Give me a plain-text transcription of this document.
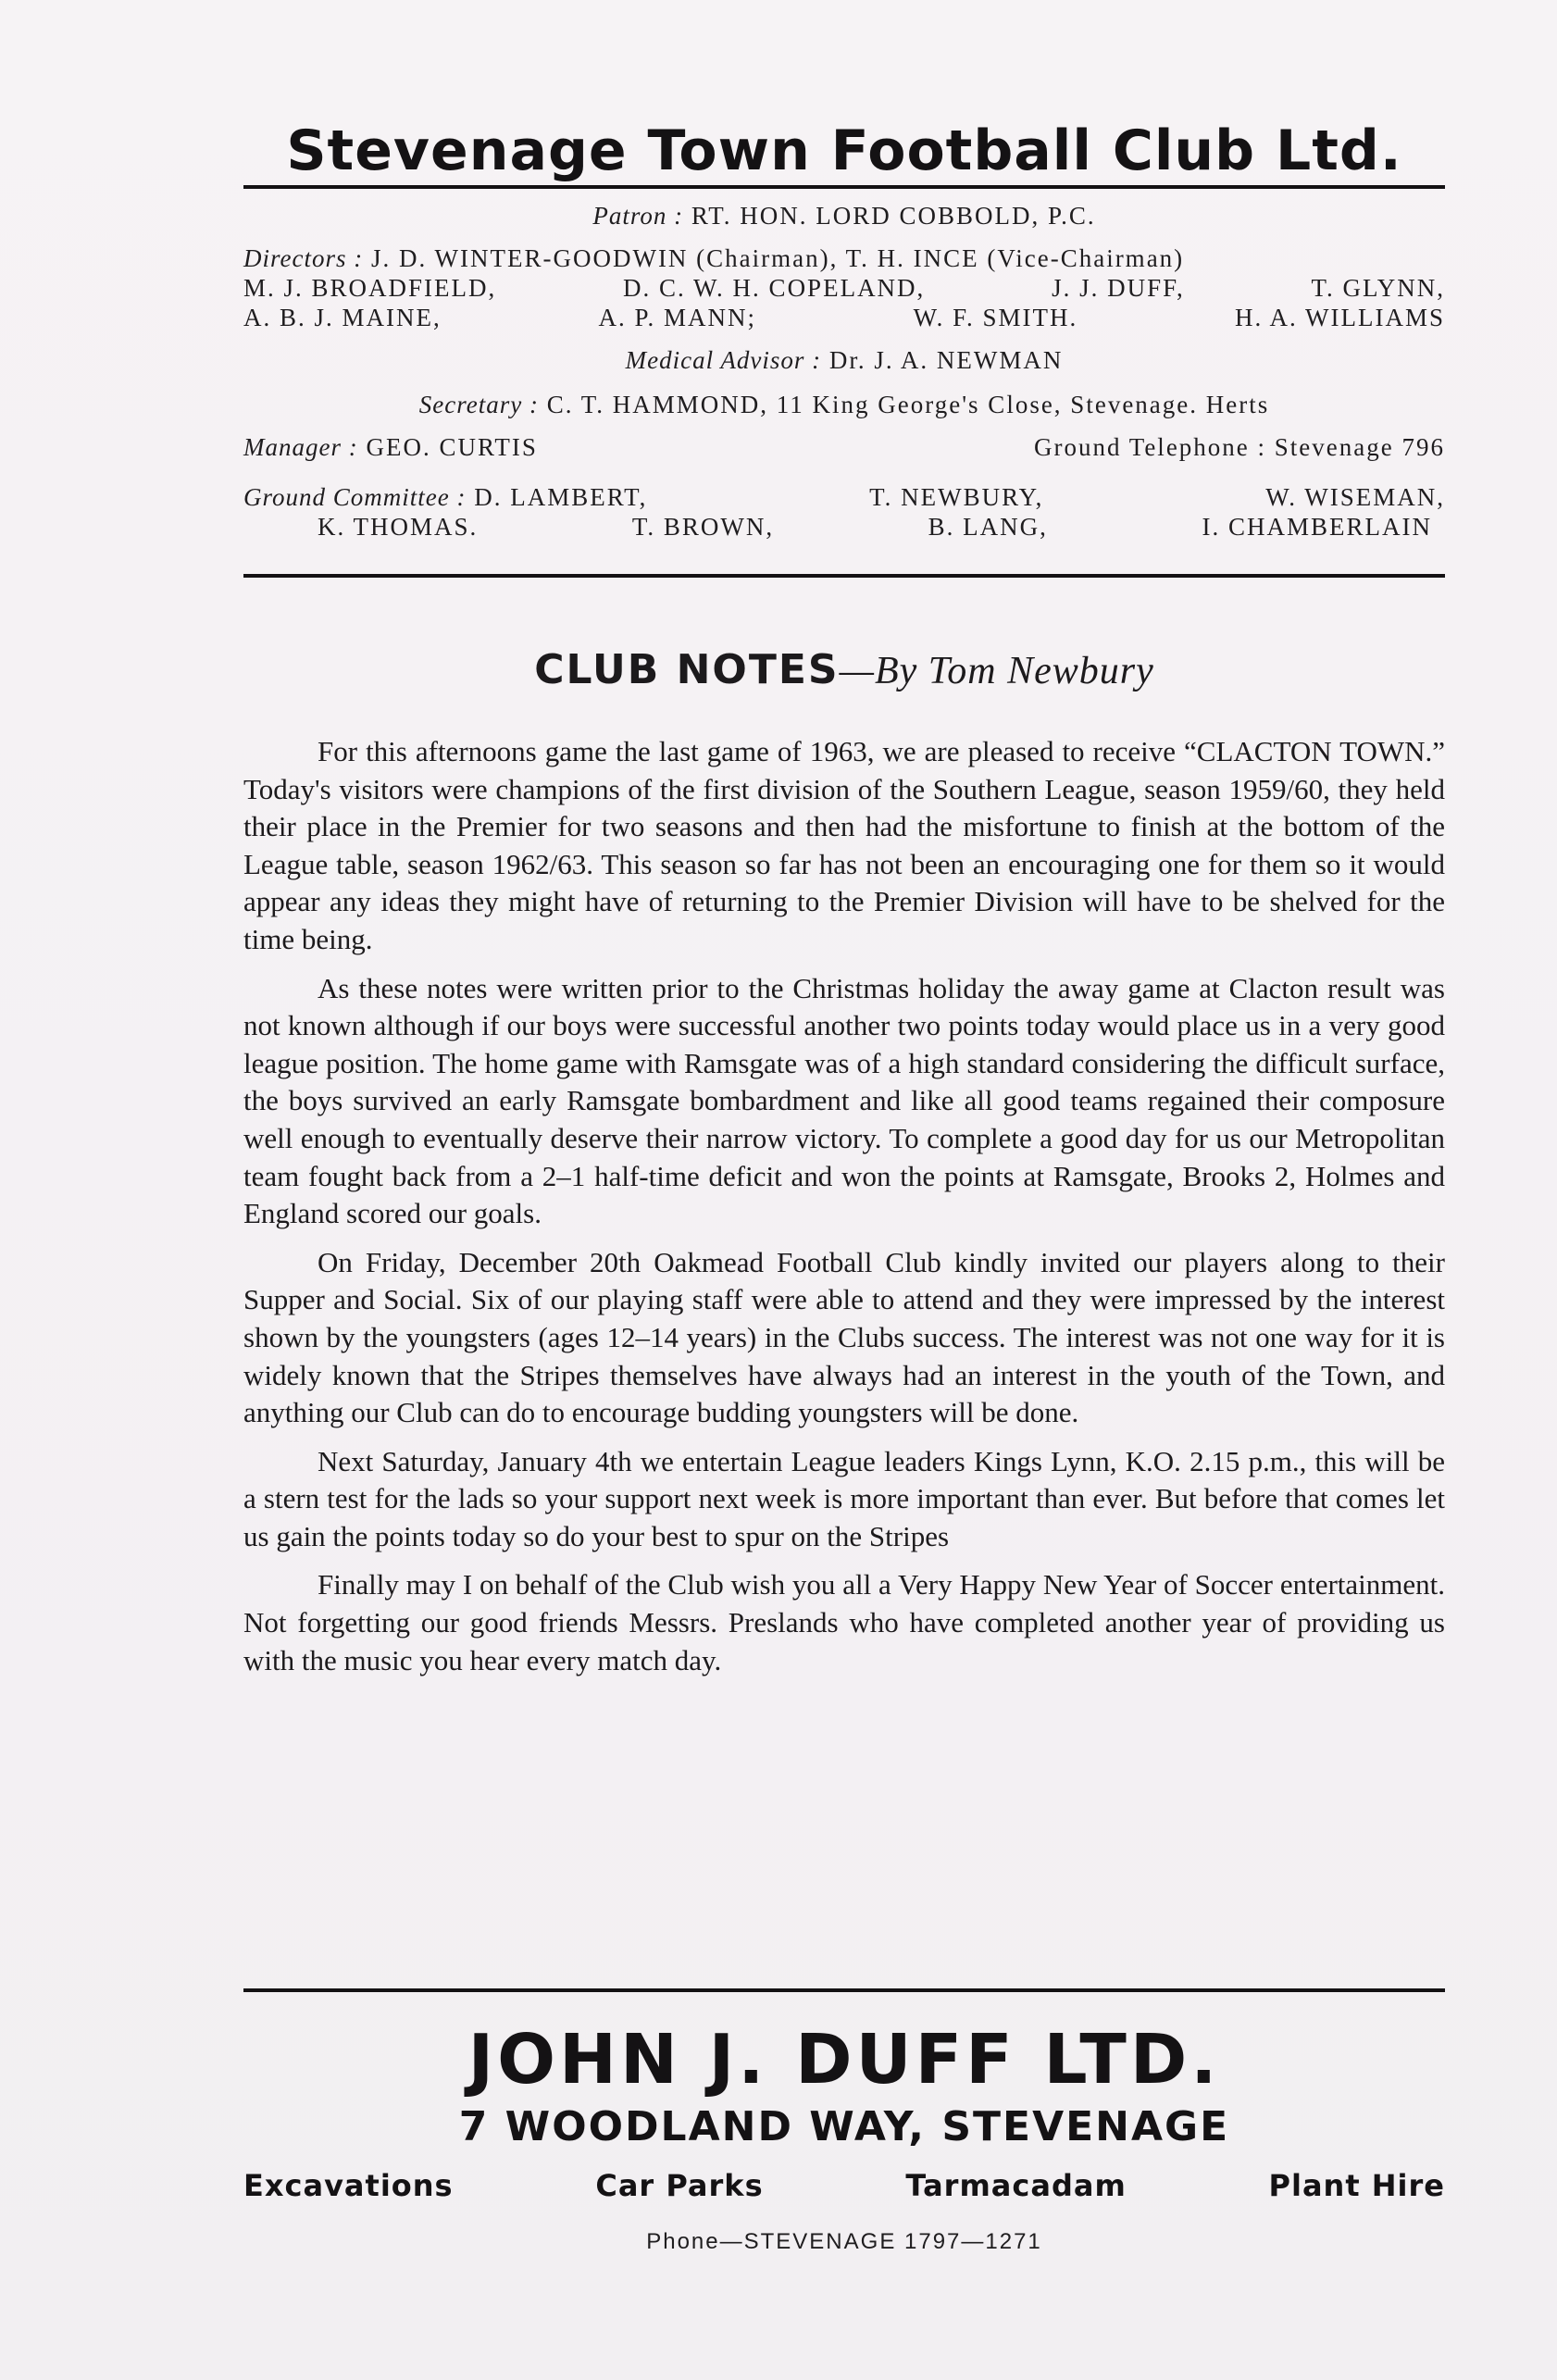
Stevenage Town Football Club Ltd.
Patron : RT. HON. LORD COBBOLD, P.C.
Directors : J. D. WINTER-GOODWIN (Chairman), T. H. INCE (Vice-Chairman)
M. J. BROADFIELD,	D. C. W. H. COPELAND,	J. J. DUFF,	T. GLYNN,
A. B. J. MAINE,	A. P. MANN;	W. F. SMITH.	H. A. WILLIAMS
Medical Advisor : Dr. J. A. NEWMAN
Secretary : C. T. HAMMOND, 11 King George's Close, Stevenage. Herts
Manager : GEO. CURTIS	Ground Telephone : Stevenage 796
Ground Committee : D. LAMBERT,	T. NEWBURY,	W. WISEMAN,
K. THOMAS.	T. BROWN,	B. LANG,	I. CHAMBERLAIN
CLUB NOTES—By Tom Newbury

For this afternoons game the last game of 1963, we are pleased to receive “CLACTON TOWN.” Today's visitors were champions of the first division of the Southern League, season 1959/60, they held their place in the Premier for two seasons and then had the misfortune to finish at the bottom of the League table, season 1962/63. This season so far has not been an encouraging one for them so it would appear any ideas they might have of returning to the Premier Division will have to be shelved for the time being.

As these notes were written prior to the Christmas holiday the away game at Clacton result was not known although if our boys were successful another two points today would place us in a very good league position. The home game with Ramsgate was of a high standard considering the difficult surface, the boys survived an early Ramsgate bombardment and like all good teams regained their composure well enough to eventually deserve their narrow victory. To complete a good day for us our Metropolitan team fought back from a 2–1 half-time deficit and won the points at Ramsgate, Brooks 2, Holmes and England scored our goals.

On Friday, December 20th Oakmead Football Club kindly invited our players along to their Supper and Social. Six of our playing staff were able to attend and they were impressed by the interest shown by the youngsters (ages 12–14 years) in the Clubs success. The interest was not one way for it is widely known that the Stripes themselves have always had an interest in the youth of the Town, and anything our Club can do to encourage budding youngsters will be done.

Next Saturday, January 4th we entertain League leaders Kings Lynn, K.O. 2.15 p.m., this will be a stern test for the lads so your support next week is more important than ever. But before that comes let us gain the points today so do your best to spur on the Stripes

Finally may I on behalf of the Club wish you all a Very Happy New Year of Soccer entertainment. Not forgetting our good friends Messrs. Preslands who have completed another year of providing us with the music you hear every match day.

JOHN J. DUFF LTD.
7 WOODLAND WAY, STEVENAGE
Excavations	Car Parks	Tarmacadam	Plant Hire
Phone—STEVENAGE 1797—1271
